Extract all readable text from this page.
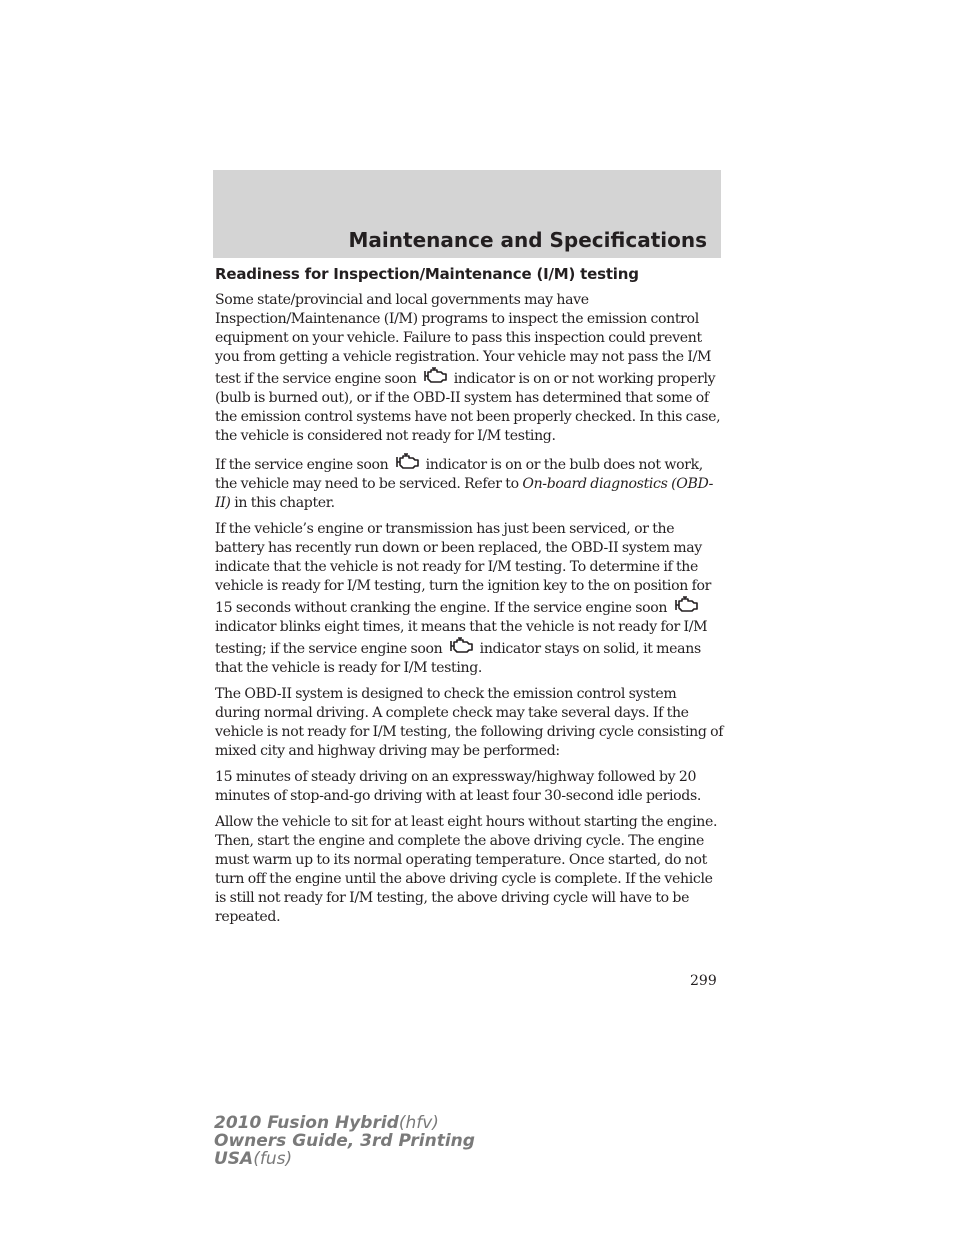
Maintenance and Specifications
Readiness for Inspection/Maintenance (I/M) testing

Some state/provincial and local governments may have Inspection/Maintenance (I/M) programs to inspect the emission control equipment on your vehicle. Failure to pass this inspection could prevent you from getting a vehicle registration. Your vehicle may not pass the I/M test if the service engine soon	indicator is on or not working properly (bulb is burned out), or if the OBD-II system has determined that some of the emission control systems have not been properly checked. In this case, the vehicle is considered not ready for I/M testing.

If the service engine soon	indicator is on or the bulb does not work, the vehicle may need to be serviced. Refer to On-board diagnostics (OBD-II) in this chapter.

If the vehicle’s engine or transmission has just been serviced, or the battery has recently run down or been replaced, the OBD-II system may indicate that the vehicle is not ready for I/M testing. To determine if the vehicle is ready for I/M testing, turn the ignition key to the on position for 15 seconds without cranking the engine. If the service engine soon
indicator blinks eight times, it means that the vehicle is not ready for I/M testing; if the service engine soon	indicator stays on solid, it means that the vehicle is ready for I/M testing.

The OBD-II system is designed to check the emission control system during normal driving. A complete check may take several days. If the vehicle is not ready for I/M testing, the following driving cycle consisting of mixed city and highway driving may be performed:

15 minutes of steady driving on an expressway/highway followed by 20 minutes of stop-and-go driving with at least four 30-second idle periods.

Allow the vehicle to sit for at least eight hours without starting the engine. Then, start the engine and complete the above driving cycle. The engine must warm up to its normal operating temperature. Once started, do not turn off the engine until the above driving cycle is complete. If the vehicle is still not ready for I/M testing, the above driving cycle will have to be repeated.

299
2010 Fusion Hybrid(hfv)
Owners Guide, 3rd Printing
USA(fus)
